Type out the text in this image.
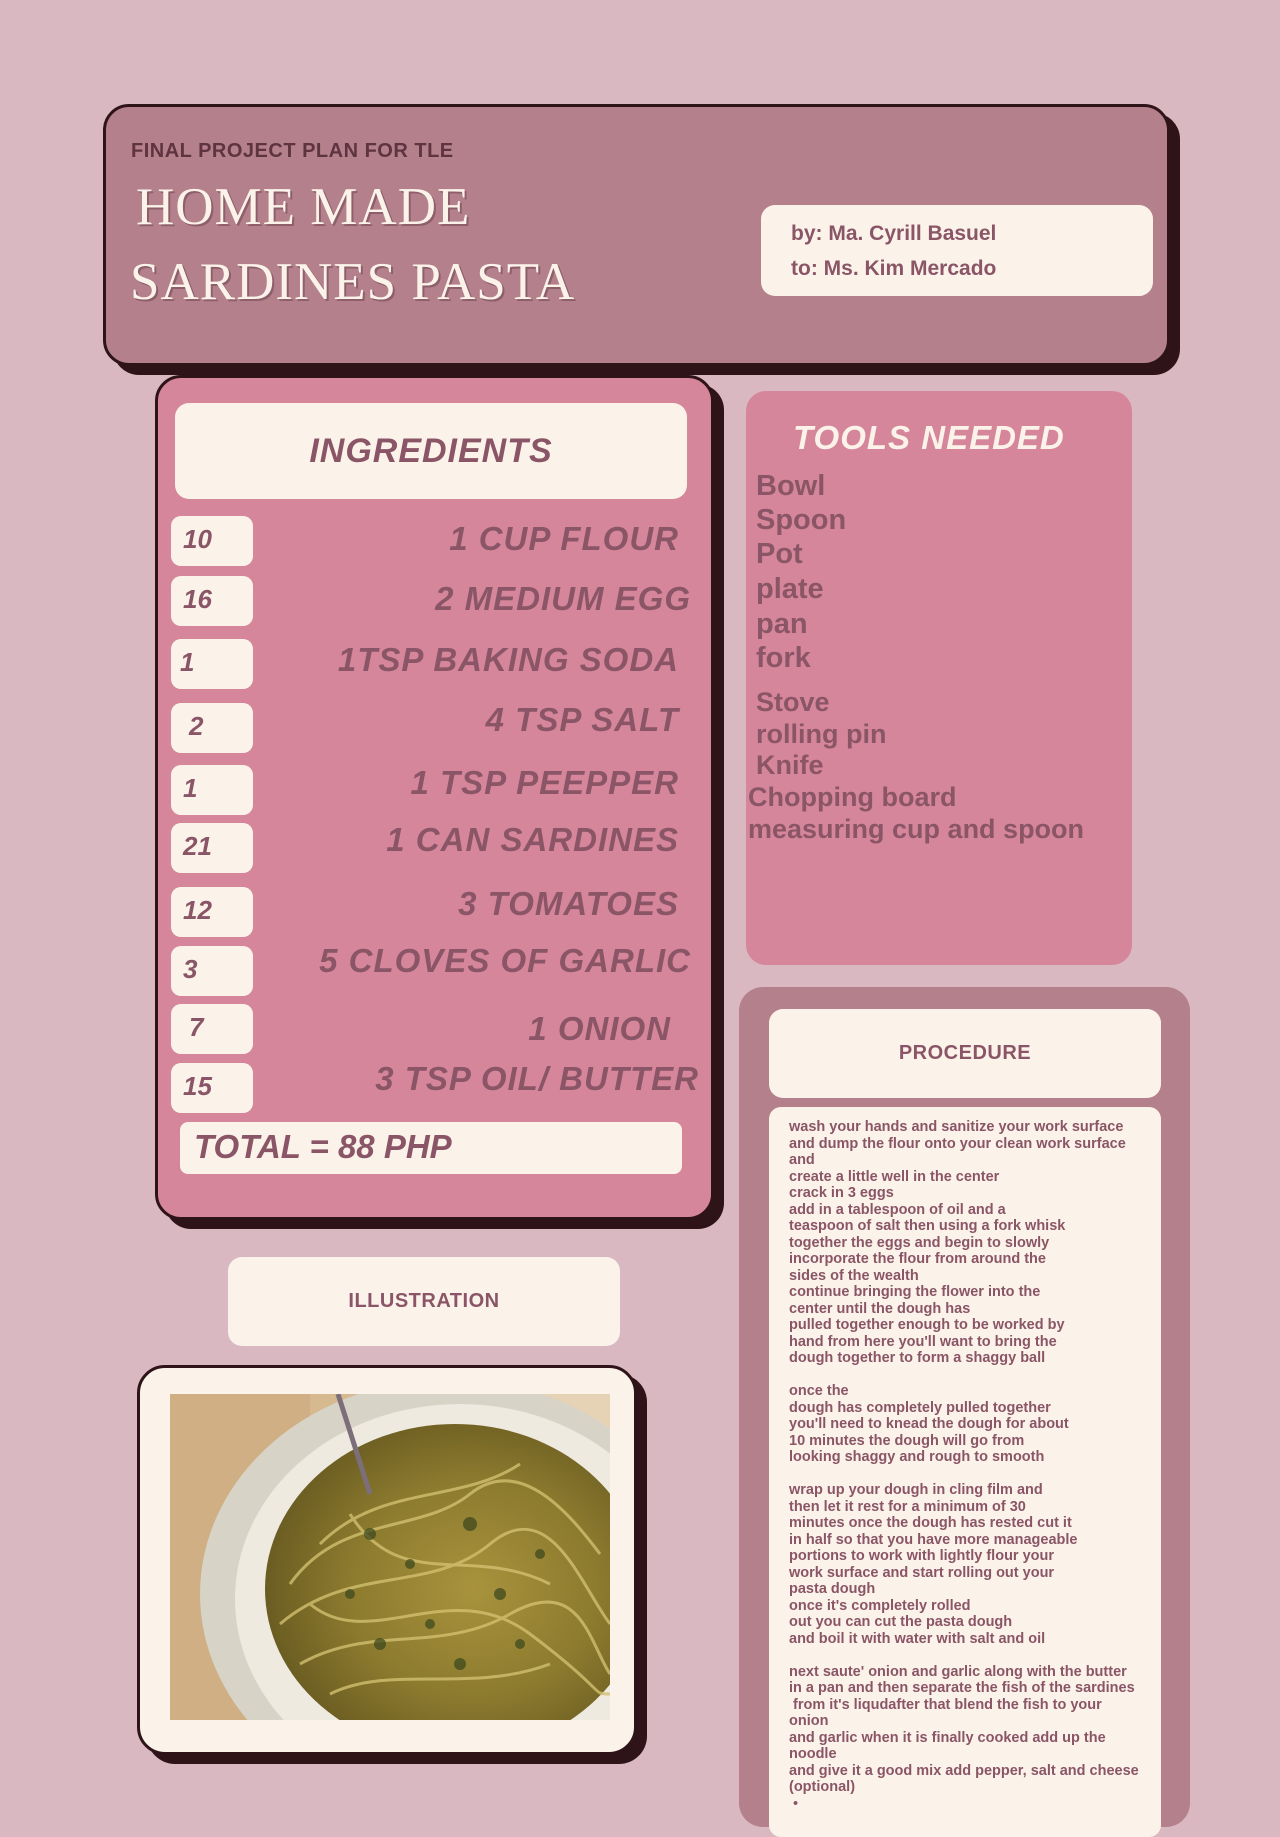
FINAL PROJECT PLAN FOR TLE
HOME MADE
SARDINES PASTA
by: Ma. Cyrill Basuel
to: Ms. Kim Mercado
INGREDIENTS
10	1 CUP FLOUR
16	2 MEDIUM EGG
1	1TSP BAKING SODA
2	4 TSP SALT
1	1 TSP PEEPPER
21	1 CAN SARDINES
12	3 TOMATOES
3	5 CLOVES OF GARLIC
7	1 ONION
15	3 TSP OIL/ BUTTER
TOTAL = 88 PHP
TOOLS NEEDED
Bowl
Spoon
Pot
plate
pan
fork
Stove
rolling pin
Knife
Chopping board
measuring cup and spoon
PROCEDURE
wash your hands and sanitize your work surface
and dump the flour onto your clean work surface
and
create a little well in the center
crack in 3 eggs
add in a tablespoon of oil and a
teaspoon of salt then using a fork whisk
together the eggs and begin to slowly
incorporate the flour from around the
sides of the wealth
continue bringing the flower into the
center until the dough has
pulled together enough to be worked by
hand from here you'll want to bring the
dough together to form a shaggy ball
once the
dough has completely pulled together
you'll need to knead the dough for about
10 minutes the dough will go from
looking shaggy and rough to smooth
wrap up your dough in cling film and
then let it rest for a minimum of 30
minutes once the dough has rested cut it
in half so that you have more manageable
portions to work with lightly flour your
work surface and start rolling out your
pasta dough
once it's completely rolled
out you can cut the pasta dough
and boil it with water with salt and oil
next saute' onion and garlic along with the butter
in a pan and then separate the fish of the sardines
from it's liqudafter that blend the fish to your
onion
and garlic when it is finally cooked add up the
noodle
and give it a good mix add pepper, salt and cheese
(optional)
•
ILLUSTRATION
